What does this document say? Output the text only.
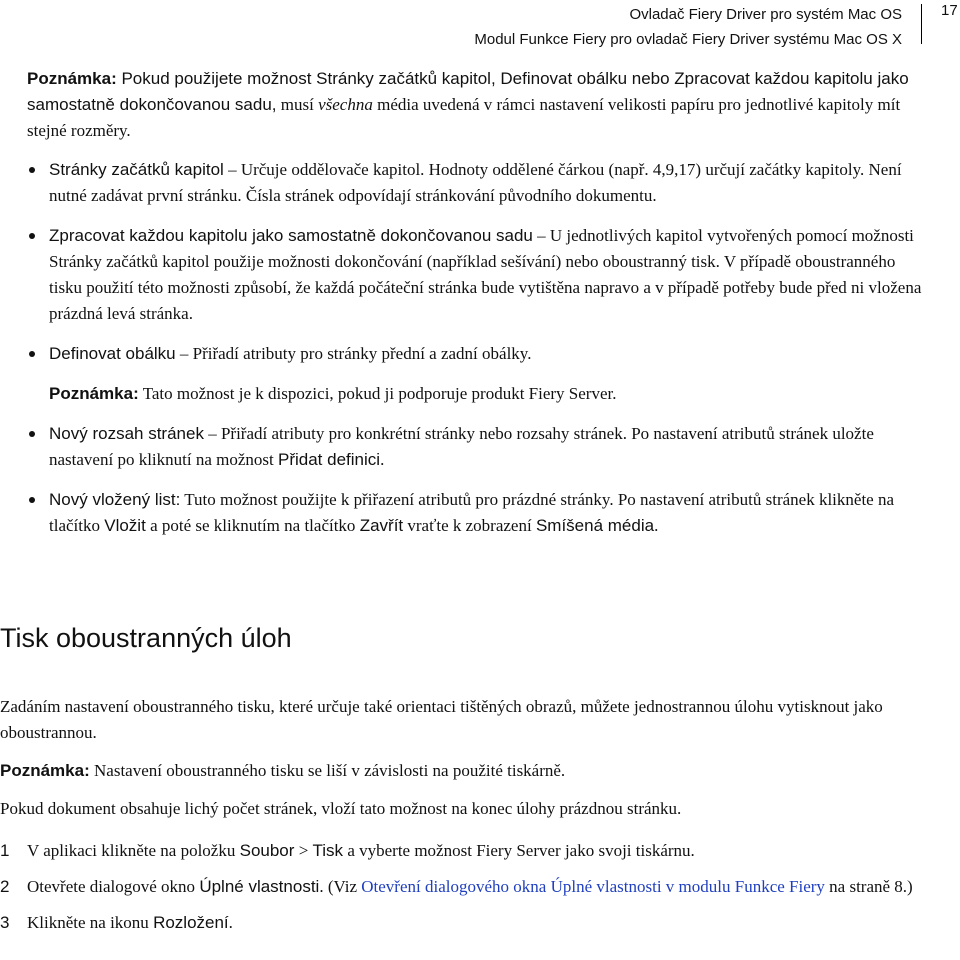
Ovladač Fiery Driver pro systém Mac OS
Modul Funkce Fiery pro ovladač Fiery Driver systému Mac OS X
17

Poznámka: Pokud použijete možnost Stránky začátků kapitol, Definovat obálku nebo Zpracovat každou kapitolu jako samostatně dokončovanou sadu, musí všechna média uvedená v rámci nastavení velikosti papíru pro jednotlivé kapitoly mít stejné rozměry.

Stránky začátků kapitol – Určuje oddělovače kapitol. Hodnoty oddělené čárkou (např. 4,9,17) určují začátky kapitoly. Není nutné zadávat první stránku. Čísla stránek odpovídají stránkování původního dokumentu.
Zpracovat každou kapitolu jako samostatně dokončovanou sadu – U jednotlivých kapitol vytvořených pomocí možnosti Stránky začátků kapitol použije možnosti dokončování (například sešívání) nebo oboustranný tisk. V případě oboustranného tisku použití této možnosti způsobí, že každá počáteční stránka bude vytištěna napravo a v případě potřeby bude před ni vložena prázdná levá stránka.
Definovat obálku – Přiřadí atributy pro stránky přední a zadní obálky.

Poznámka: Tato možnost je k dispozici, pokud ji podporuje produkt Fiery Server.

Nový rozsah stránek – Přiřadí atributy pro konkrétní stránky nebo rozsahy stránek. Po nastavení atributů stránek uložte nastavení po kliknutí na možnost Přidat definici.
Nový vložený list: Tuto možnost použijte k přiřazení atributů pro prázdné stránky. Po nastavení atributů stránek klikněte na tlačítko Vložit a poté se kliknutím na tlačítko Zavřít vraťte k zobrazení Smíšená média.
Tisk oboustranných úloh

Zadáním nastavení oboustranného tisku, které určuje také orientaci tištěných obrazů, můžete jednostrannou úlohu vytisknout jako oboustrannou.

Poznámka: Nastavení oboustranného tisku se liší v závislosti na použité tiskárně.

Pokud dokument obsahuje lichý počet stránek, vloží tato možnost na konec úlohy prázdnou stránku.

1 V aplikaci klikněte na položku Soubor > Tisk a vyberte možnost Fiery Server jako svoji tiskárnu.
2 Otevřete dialogové okno Úplné vlastnosti. (Viz Otevření dialogového okna Úplné vlastnosti v modulu Funkce Fiery na straně 8.)
3 Klikněte na ikonu Rozložení.
